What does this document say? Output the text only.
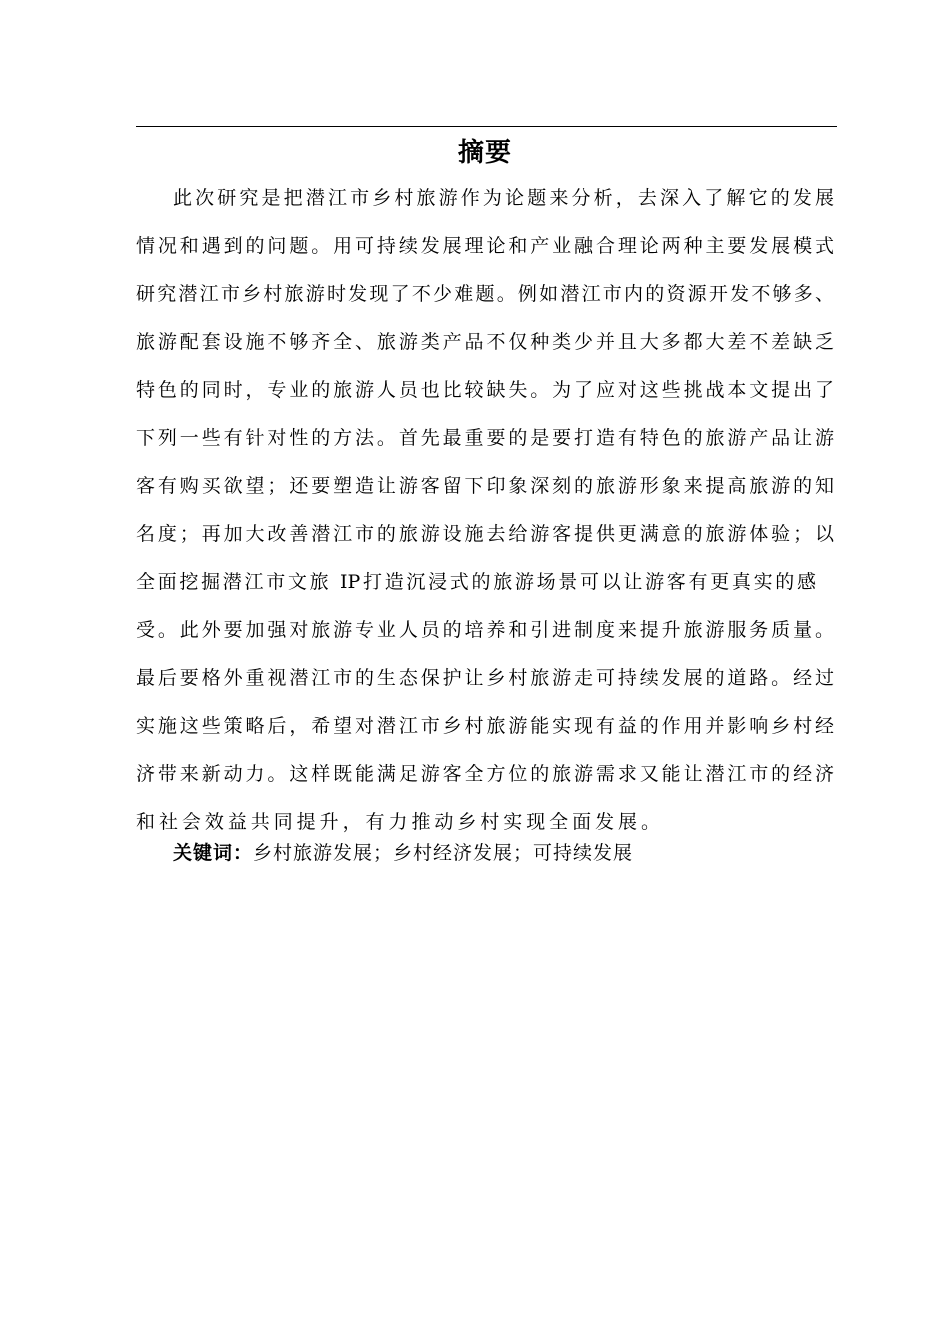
摘要
此次研究是把潜江市乡村旅游作为论题来分析，去深入了解它的发展
情况和遇到的问题。用可持续发展理论和产业融合理论两种主要发展模式
研究潜江市乡村旅游时发现了不少难题。例如潜江市内的资源开发不够多、
旅游配套设施不够齐全、旅游类产品不仅种类少并且大多都大差不差缺乏
特色的同时，专业的旅游人员也比较缺失。为了应对这些挑战本文提出了
下列一些有针对性的方法。首先最重要的是要打造有特色的旅游产品让游
客有购买欲望；还要塑造让游客留下印象深刻的旅游形象来提高旅游的知
名度；再加大改善潜江市的旅游设施去给游客提供更满意的旅游体验；以
全面挖掘潜江市文旅 IP打造沉浸式的旅游场景可以让游客有更真实的感
受。此外要加强对旅游专业人员的培养和引进制度来提升旅游服务质量。
最后要格外重视潜江市的生态保护让乡村旅游走可持续发展的道路。经过
实施这些策略后，希望对潜江市乡村旅游能实现有益的作用并影响乡村经
济带来新动力。这样既能满足游客全方位的旅游需求又能让潜江市的经济
和社会效益共同提升，有力推动乡村实现全面发展。
关键词：乡村旅游发展；乡村经济发展；可持续发展
